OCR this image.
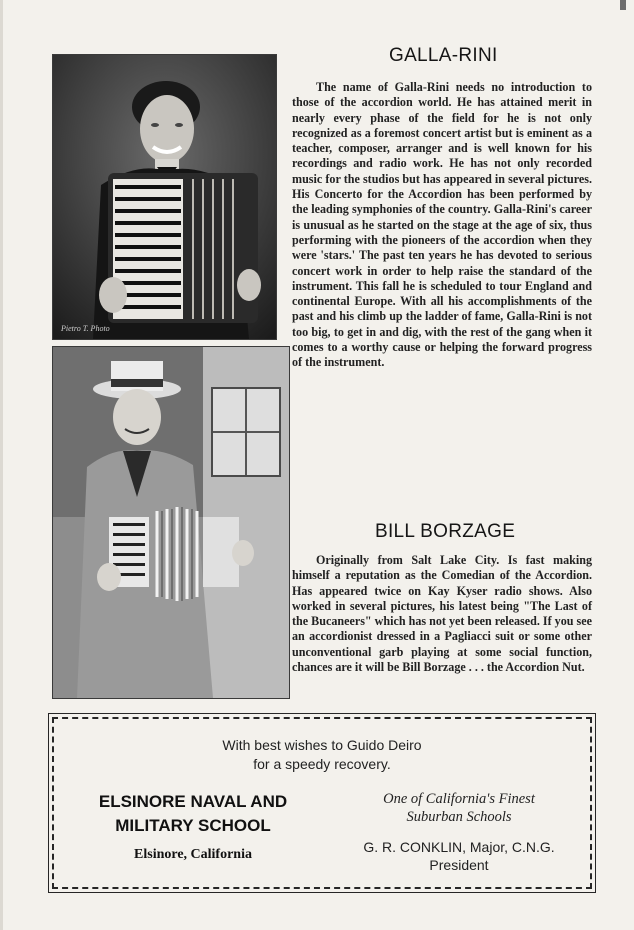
Pietro T. Photo
GALLA-RINI
The name of Galla-Rini needs no introduction to those of the accordion world. He has attained merit in nearly every phase of the field for he is not only recognized as a foremost concert artist but is eminent as a teacher, composer, arranger and is well known for his recordings and radio work. He has not only recorded music for the studios but has appeared in several pictures. His Concerto for the Accordion has been performed by the leading symphonies of the country. Galla-Rini's career is unusual as he started on the stage at the age of six, thus performing with the pioneers of the accordion when they were 'stars.' The past ten years he has devoted to serious concert work in order to help raise the standard of the instrument. This fall he is scheduled to tour England and continental Europe. With all his accomplishments of the past and his climb up the ladder of fame, Galla-Rini is not too big, to get in and dig, with the rest of the gang when it comes to a worthy cause or helping the forward progress of the instrument.
BILL BORZAGE
Originally from Salt Lake City. Is fast making himself a reputation as the Comedian of the Accordion. Has appeared twice on Kay Kyser radio shows. Also worked in several pictures, his latest being "The Last of the Bucaneers" which has not yet been released. If you see an accordionist dressed in a Pagliacci suit or some other unconventional garb playing at some social function, chances are it will be Bill Borzage . . . the Accordion Nut.
With best wishes to Guido Deiro
for a speedy recovery.
ELSINORE NAVAL AND
MILITARY SCHOOL
Elsinore, California
One of California's Finest
Suburban Schools
G. R. CONKLIN, Major, C.N.G.
President
